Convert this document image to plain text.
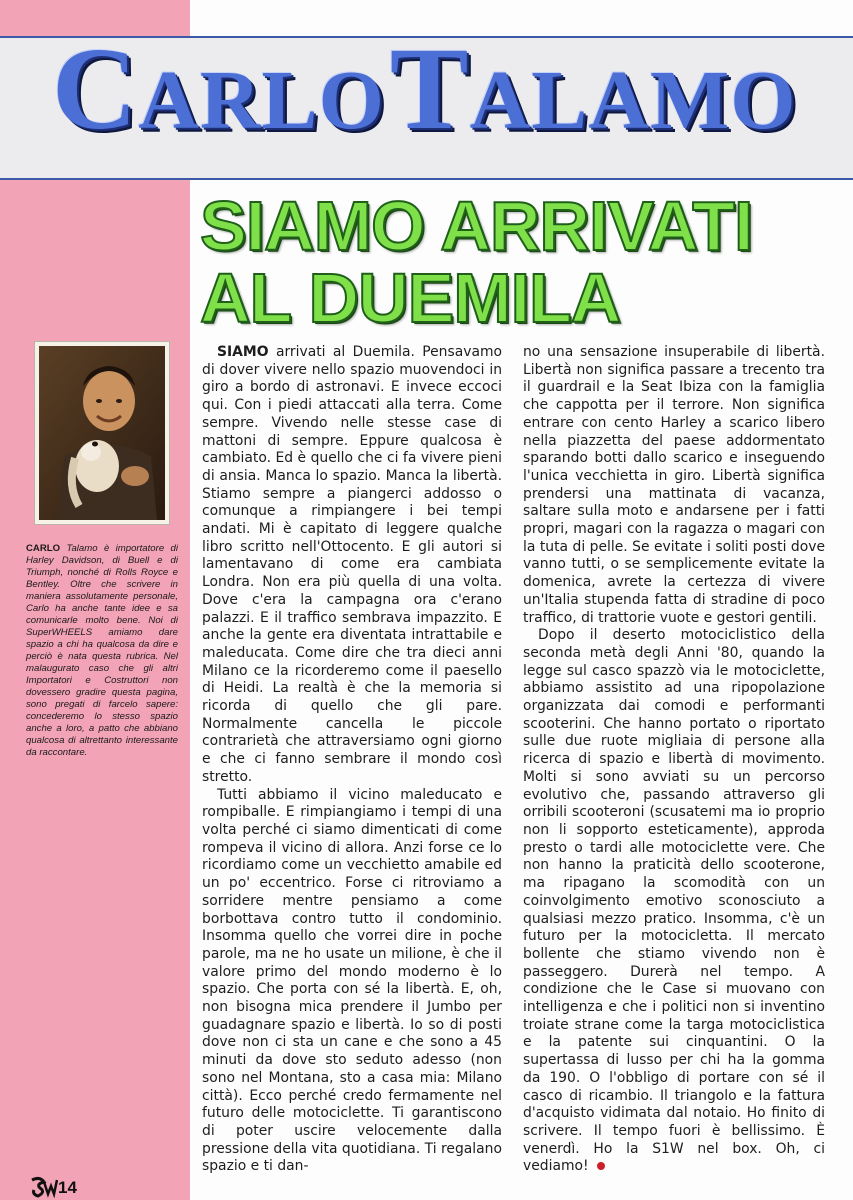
CARLO TALAMO
SIAMO ARRIVATI
AL DUEMILA
CARLO Talamo è importatore di Harley Davidson, di Buell e di Triumph, nonché di Rolls Royce e Bentley. Oltre che scrivere in maniera assolutamente personale, Carlo ha anche tante idee e sa comunicarle molto bene. Noi di SuperWHEELS amiamo dare spazio a chi ha qualcosa da dire e perciò è nata questa rubrica. Nel malaugurato caso che gli altri Importatori e Costruttori non dovessero gradire questa pagina, sono pregati di farcelo sapere: concederemo lo stesso spazio anche a loro, a patto che abbiano qualcosa di altrettanto interessante da raccontare.

SIAMO arrivati al Duemila. Pensavamo di dover vivere nello spazio muovendoci in giro a bordo di astronavi. E invece eccoci qui. Con i piedi attaccati alla terra. Come sempre. Vivendo nelle stesse case di mattoni di sempre. Eppure qualcosa è cambiato. Ed è quello che ci fa vivere pieni di ansia. Manca lo spazio. Manca la libertà. Stiamo sempre a piangerci addosso o comunque a rimpiangere i bei tempi andati. Mi è capitato di leggere qualche libro scritto nell'Ottocento. E gli autori si lamentavano di come era cambiata Londra. Non era più quella di una volta. Dove c'era la campagna ora c'erano palazzi. E il traffico sembrava impazzito. E anche la gente era diventata intrattabile e maleducata. Come dire che tra dieci anni Milano ce la ricorderemo come il paesello di Heidi. La realtà è che la memoria si ricorda di quello che gli pare. Normalmente cancella le piccole contrarietà che attraversiamo ogni giorno e che ci fanno sembrare il mondo così stretto.

Tutti abbiamo il vicino maleducato e rompiballe. E rimpiangiamo i tempi di una volta perché ci siamo dimenticati di come rompeva il vicino di allora. Anzi forse ce lo ricordiamo come un vecchietto amabile ed un po' eccentrico. Forse ci ritroviamo a sorridere mentre pensiamo a come borbottava contro tutto il condominio. Insomma quello che vorrei dire in poche parole, ma ne ho usate un milione, è che il valore primo del mondo moderno è lo spazio. Che porta con sé la libertà. E, oh, non bisogna mica prendere il Jumbo per guadagnare spazio e libertà. Io so di posti dove non ci sta un cane e che sono a 45 minuti da dove sto seduto adesso (non sono nel Montana, sto a casa mia: Milano città). Ecco perché credo fermamente nel futuro delle motociclette. Ti garantiscono di poter uscire velocemente dalla pressione della vita quotidiana. Ti regalano spazio e ti dan-

no una sensazione insuperabile di libertà. Libertà non significa passare a trecento tra il guardrail e la Seat Ibiza con la famiglia che cappotta per il terrore. Non significa entrare con cento Harley a scarico libero nella piazzetta del paese addormentato sparando botti dallo scarico e inseguendo l'unica vecchietta in giro. Libertà significa prendersi una mattinata di vacanza, saltare sulla moto e andarsene per i fatti propri, magari con la ragazza o magari con la tuta di pelle. Se evitate i soliti posti dove vanno tutti, o se semplicemente evitate la domenica, avrete la certezza di vivere un'Italia stupenda fatta di stradine di poco traffico, di trattorie vuote e gestori gentili.

Dopo il deserto motociclistico della seconda metà degli Anni '80, quando la legge sul casco spazzò via le motociclette, abbiamo assistito ad una ripopolazione organizzata dai comodi e performanti scooterini. Che hanno portato o riportato sulle due ruote migliaia di persone alla ricerca di spazio e libertà di movimento. Molti si sono avviati su un percorso evolutivo che, passando attraverso gli orribili scooteroni (scusatemi ma io proprio non li sopporto esteticamente), approda presto o tardi alle motociclette vere. Che non hanno la praticità dello scooterone, ma ripagano la scomodità con un coinvolgimento emotivo sconosciuto a qualsiasi mezzo pratico. Insomma, c'è un futuro per la motocicletta. Il mercato bollente che stiamo vivendo non è passeggero. Durerà nel tempo. A condizione che le Case si muovano con intelligenza e che i politici non si inventino troiate strane come la targa motociclistica e la patente sui cinquantini. O la supertassa di lusso per chi ha la gomma da 190. O l'obbligo di portare con sé il casco di ricambio. Il triangolo e la fattura d'acquisto vidimata dal notaio. Ho finito di scrivere. Il tempo fuori è bellissimo. È venerdì. Ho la S1W nel box. Oh, ci vediamo!

14
